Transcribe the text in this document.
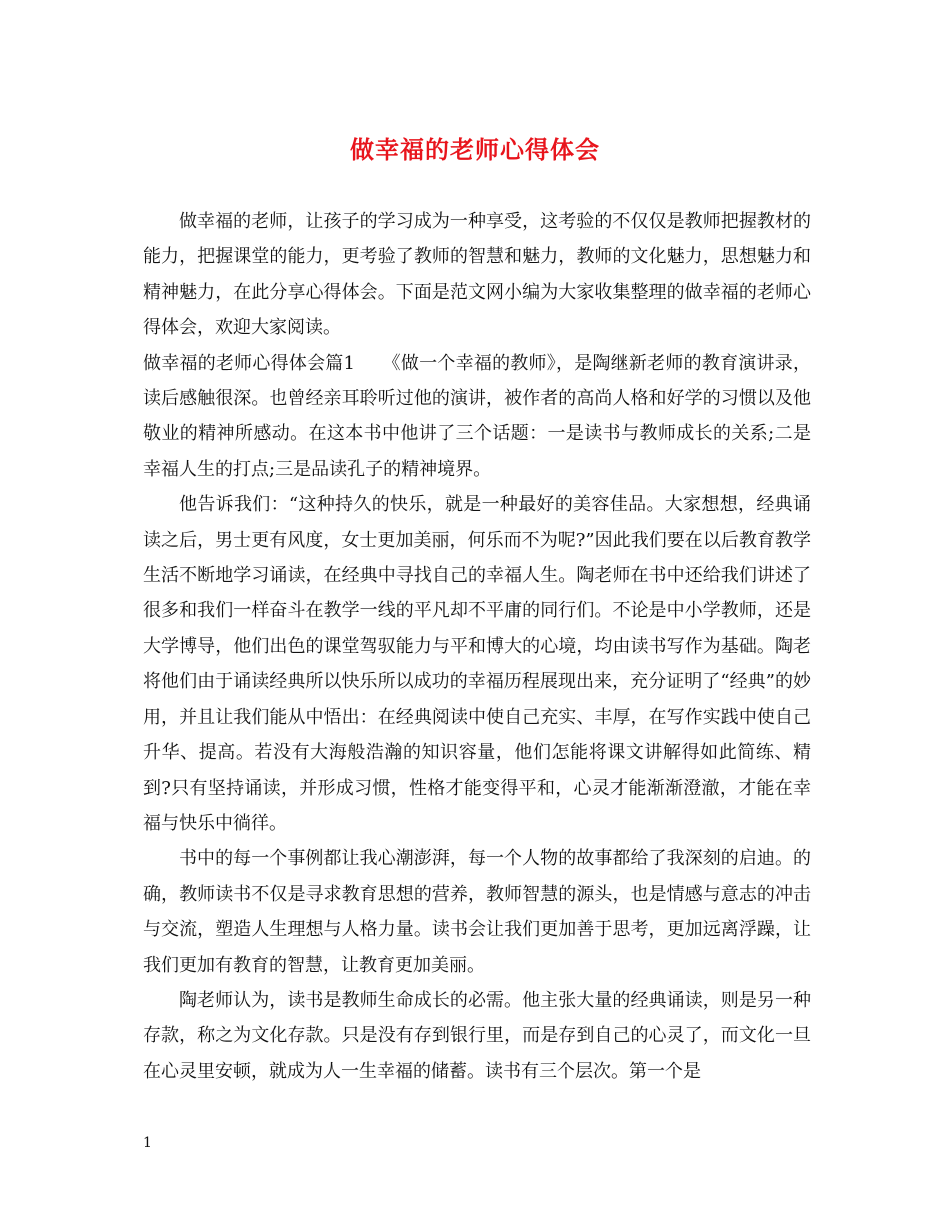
做幸福的老师心得体会

做幸福的老师，让孩子的学习成为一种享受，这考验的不仅仅是教师把握教材的能力，把握课堂的能力，更考验了教师的智慧和魅力，教师的文化魅力，思想魅力和精神魅力，在此分享心得体会。下面是范文网小编为大家收集整理的做幸福的老师心得体会，欢迎大家阅读。

做幸福的老师心得体会篇1　　《做一个幸福的教师》，是陶继新老师的教育演讲录，读后感触很深。也曾经亲耳聆听过他的演讲，被作者的高尚人格和好学的习惯以及他敬业的精神所感动。在这本书中他讲了三个话题：一是读书与教师成长的关系;二是幸福人生的打点;三是品读孔子的精神境界。

他告诉我们：“这种持久的快乐，就是一种最好的美容佳品。大家想想，经典诵读之后，男士更有风度，女士更加美丽，何乐而不为呢?”因此我们要在以后教育教学生活不断地学习诵读，在经典中寻找自己的幸福人生。陶老师在书中还给我们讲述了很多和我们一样奋斗在教学一线的平凡却不平庸的同行们。不论是中小学教师，还是大学博导，他们出色的课堂驾驭能力与平和博大的心境，均由读书写作为基础。陶老将他们由于诵读经典所以快乐所以成功的幸福历程展现出来，充分证明了“经典”的妙用，并且让我们能从中悟出：在经典阅读中使自己充实、丰厚，在写作实践中使自己升华、提高。若没有大海般浩瀚的知识容量，他们怎能将课文讲解得如此简练、精到?只有坚持诵读，并形成习惯，性格才能变得平和，心灵才能渐渐澄澈，才能在幸福与快乐中徜徉。

书中的每一个事例都让我心潮澎湃，每一个人物的故事都给了我深刻的启迪。的确，教师读书不仅是寻求教育思想的营养，教师智慧的源头，也是情感与意志的冲击与交流，塑造人生理想与人格力量。读书会让我们更加善于思考，更加远离浮躁，让我们更加有教育的智慧，让教育更加美丽。

陶老师认为，读书是教师生命成长的必需。他主张大量的经典诵读，则是另一种存款，称之为文化存款。只是没有存到银行里，而是存到自己的心灵了，而文化一旦在心灵里安顿，就成为人一生幸福的储蓄。读书有三个层次。第一个是

1
